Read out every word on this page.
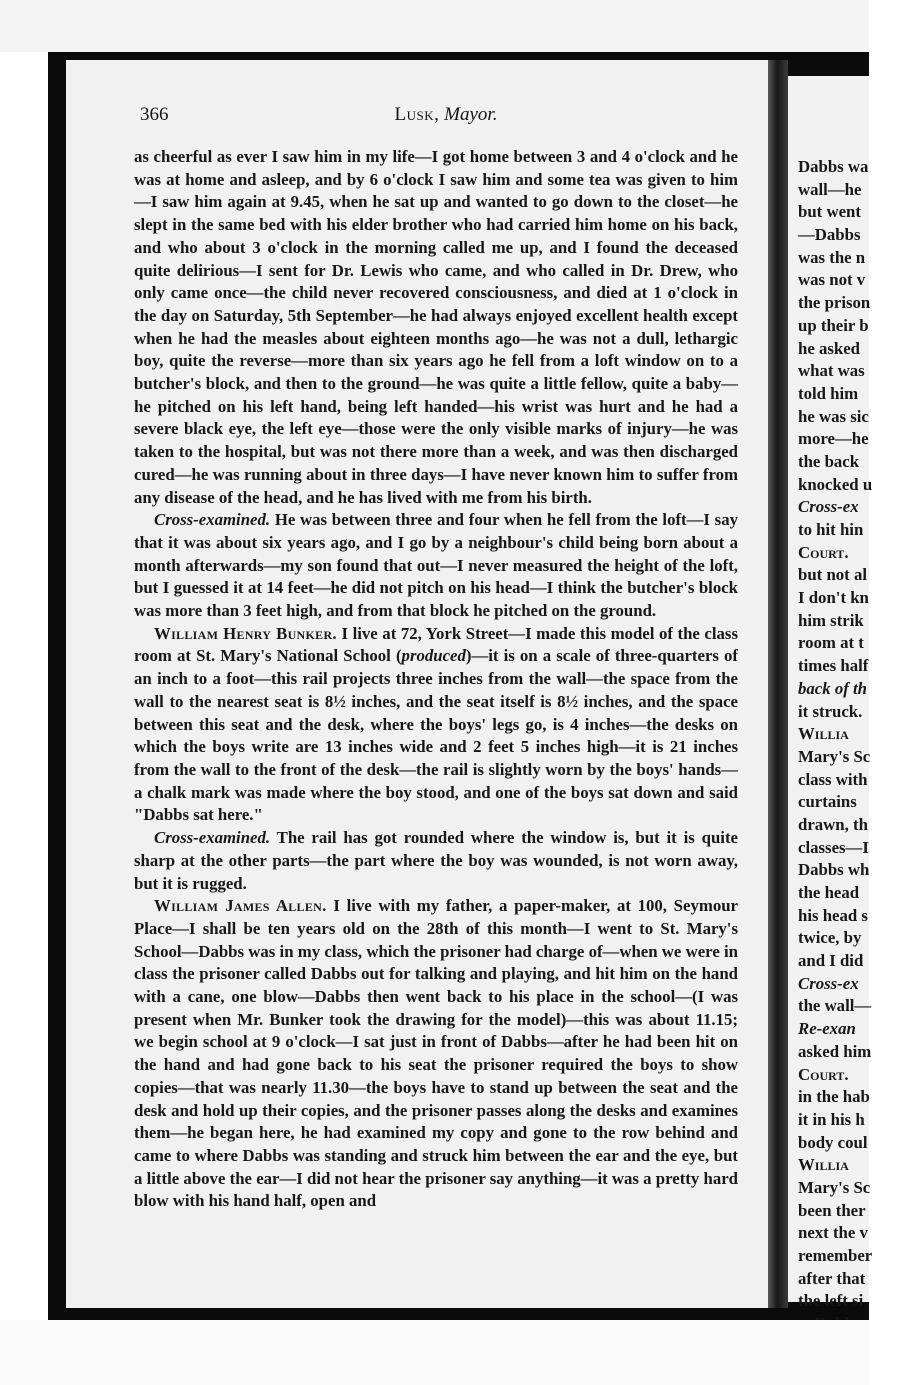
Dabbs wa
wall—he
but went
—Dabbs
was the n
was not v
the prison
up their b
he asked
what was
told him
he was sic
more—he
the back
knocked u
Cross-ex
to hit hin
Court.
but not al
I don't kn
him strik
room at t
times half
back of th
it struck.
Willia
Mary's Sc
class with
curtains
drawn, th
classes—I
Dabbs wh
the head
his head s
twice, by
and I did
Cross-ex
the wall—
Re-exan
asked him
Court.
in the hab
it in his h
body coul
Willia
Mary's Sc
been ther
next the v
remember
after that
the left si
366	Lusk, Mayor.

as cheerful as ever I saw him in my life—I got home between 3 and 4 o'clock and he was at home and asleep, and by 6 o'clock I saw him and some tea was given to him—I saw him again at 9.45, when he sat up and wanted to go down to the closet—he slept in the same bed with his elder brother who had carried him home on his back, and who about 3 o'clock in the morning called me up, and I found the deceased quite delirious—I sent for Dr. Lewis who came, and who called in Dr. Drew, who only came once—the child never recovered consciousness, and died at 1 o'clock in the day on Saturday, 5th September—he had always enjoyed excellent health except when he had the measles about eighteen months ago—he was not a dull, lethargic boy, quite the reverse—more than six years ago he fell from a loft window on to a butcher's block, and then to the ground—he was quite a little fellow, quite a baby—he pitched on his left hand, being left handed—his wrist was hurt and he had a severe black eye, the left eye—those were the only visible marks of injury—he was taken to the hospital, but was not there more than a week, and was then discharged cured—he was running about in three days—I have never known him to suffer from any disease of the head, and he has lived with me from his birth.

Cross-examined. He was between three and four when he fell from the loft—I say that it was about six years ago, and I go by a neighbour's child being born about a month afterwards—my son found that out—I never measured the height of the loft, but I guessed it at 14 feet—he did not pitch on his head—I think the butcher's block was more than 3 feet high, and from that block he pitched on the ground.

William Henry Bunker. I live at 72, York Street—I made this model of the class room at St. Mary's National School (produced)—it is on a scale of three-quarters of an inch to a foot—this rail projects three inches from the wall—the space from the wall to the nearest seat is 8½ inches, and the seat itself is 8½ inches, and the space between this seat and the desk, where the boys' legs go, is 4 inches—the desks on which the boys write are 13 inches wide and 2 feet 5 inches high—it is 21 inches from the wall to the front of the desk—the rail is slightly worn by the boys' hands—a chalk mark was made where the boy stood, and one of the boys sat down and said "Dabbs sat here."

Cross-examined. The rail has got rounded where the window is, but it is quite sharp at the other parts—the part where the boy was wounded, is not worn away, but it is rugged.

William James Allen. I live with my father, a paper-maker, at 100, Seymour Place—I shall be ten years old on the 28th of this month—I went to St. Mary's School—Dabbs was in my class, which the prisoner had charge of—when we were in class the prisoner called Dabbs out for talking and playing, and hit him on the hand with a cane, one blow—Dabbs then went back to his place in the school—(I was present when Mr. Bunker took the drawing for the model)—this was about 11.15; we begin school at 9 o'clock—I sat just in front of Dabbs—after he had been hit on the hand and had gone back to his seat the prisoner required the boys to show copies—that was nearly 11.30—the boys have to stand up between the seat and the desk and hold up their copies, and the prisoner passes along the desks and examines them—he began here, he had examined my copy and gone to the row behind and came to where Dabbs was standing and struck him between the ear and the eye, but a little above the ear—I did not hear the prisoner say anything—it was a pretty hard blow with his hand half, open and
